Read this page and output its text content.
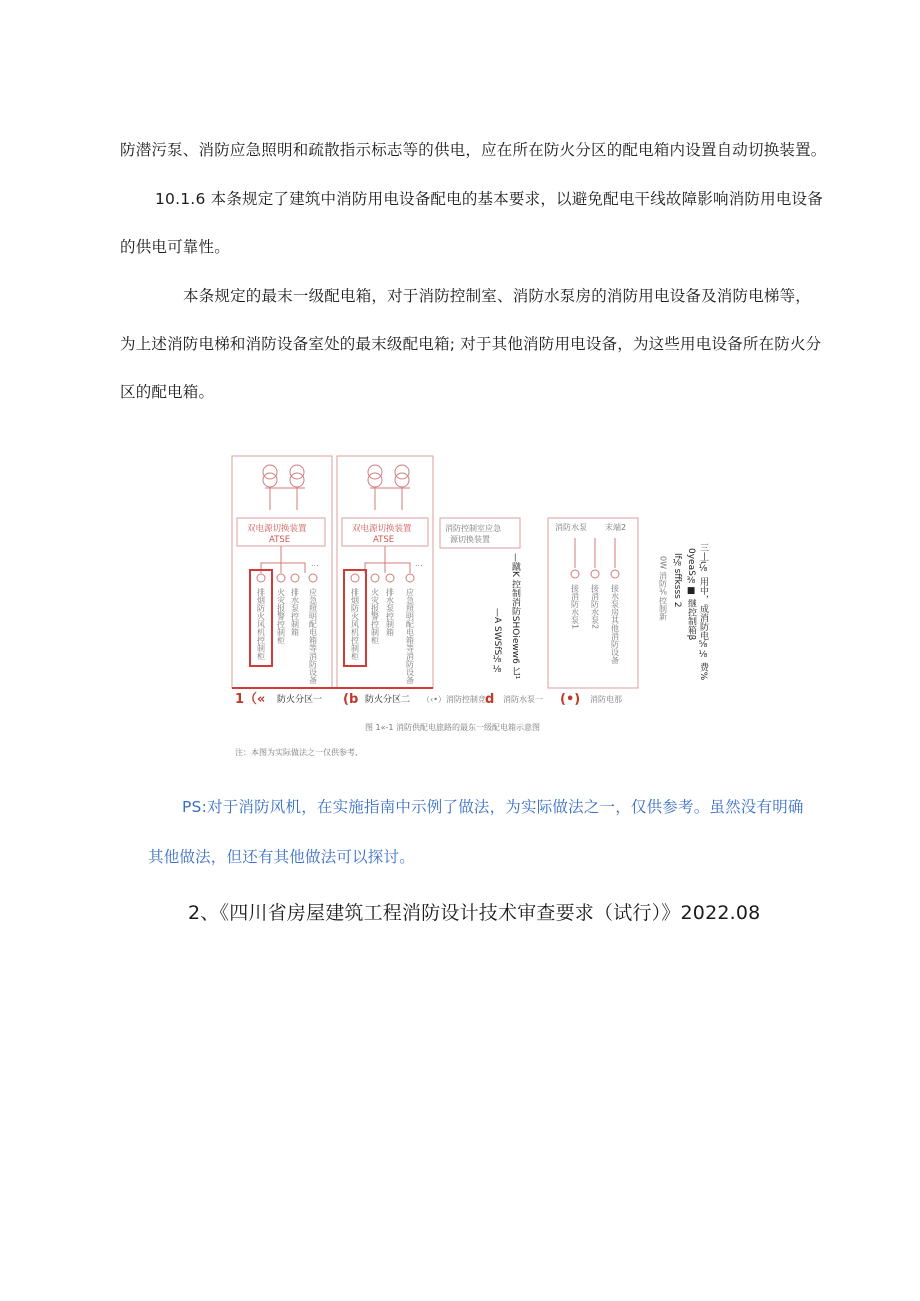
防潜污泵、消防应急照明和疏散指示标志等的供电，应在所在防火分区的配电箱内设置自动切换装置。
10.1.6 本条规定了建筑中消防用电设备配电的基本要求，以避免配电干线故障影响消防用电设备
的供电可靠性。
本条规定的最末一级配电箱，对于消防控制室、消防水泵房的消防用电设备及消防电梯等，
为上述消防电梯和消防设备室处的最末级配电箱; 对于其他消防用电设备，为这些用电设备所在防火分
区的配电箱。
双电源切换装置
ATSE
双电源切换装置
ATSE
...	...
排烟防火风机控制柜 火灾报警控制柜 排水泵控制箱 应急照明配电箱等消防设备	排烟防火风机控制柜 火灾报警控制柜 排水泵控制箱 应急照明配电箱等消防设备
消防控制室应急
源切换装置
—蹴K 控制消防SHOieww6 匕¹
—A SWSfS⅛⅛
消防水泵 末端2
接消防水泵1 接消防水泵2 接水泵房其他消防设备
lf⅛sffksss 2
0W 消防⅜控制新 0yeaS⅜■ 继控制箱β 三丄ι⅛ 用中，成消防电⅝⅛ 费%
1（« 防火分区一 (b 防火分区二 （‹•）消防控制竞 d 消防水泵一 (•) 消防电那
图 1«-1 消防供配电旅路的最东一级配电箱示意图
注：本图为实际做法之一仅供参考,
PS:对于消防风机，在实施指南中示例了做法，为实际做法之一，仅供参考。虽然没有明确
其他做法，但还有其他做法可以探讨。
2、《四川省房屋建筑工程消防设计技术审查要求（试行）》2022.08
